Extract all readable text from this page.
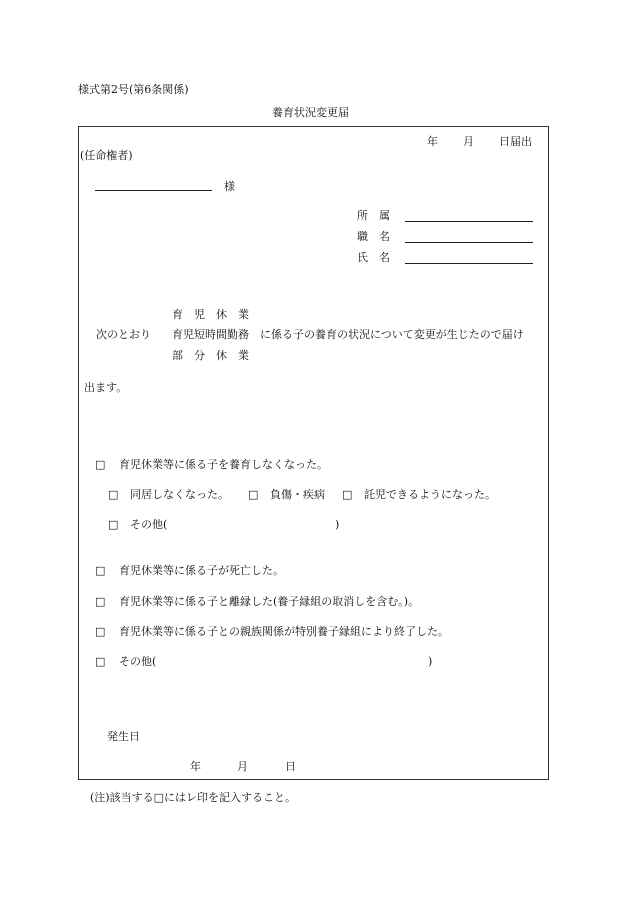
様式第2号(第6条関係)
養育状況変更届
年 月 日届出
(任命権者)
様
所　属
職　名
氏　名
育　児　休　業
次のとおり 育児短時間勤務 に係る子の養育の状況について変更が生じたので届け
部　分　休　業
出ます。
□ 育児休業等に係る子を養育しなくなった。
□ 同居しなくなった。 □ 負傷・疾病 □ 託児できるようになった。
□ その他(	)
□ 育児休業等に係る子が死亡した。
□ 育児休業等に係る子と離縁した(養子縁組の取消しを含む。)。
□ 育児休業等に係る子との親族関係が特別養子縁組により終了した。
□ その他(	)
発生日
年	月	日
(注)該当する□にはレ印を記入すること。
